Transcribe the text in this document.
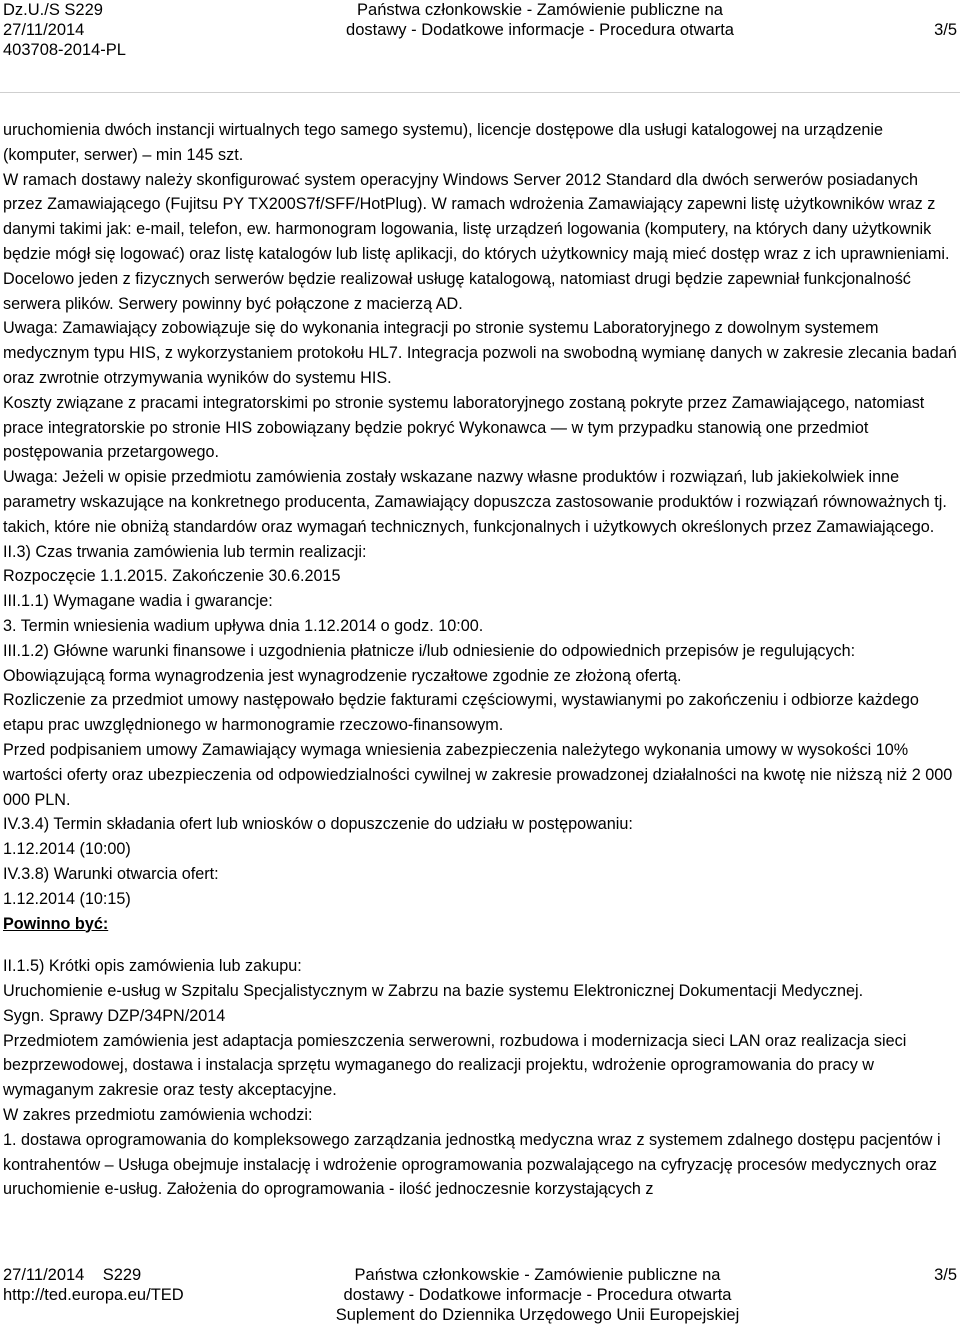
Dz.U./S S229
27/11/2014
403708-2014-PL
Państwa członkowskie - Zamówienie publiczne na
dostawy - Dodatkowe informacje - Procedura otwarta	3/5

uruchomienia dwóch instancji wirtualnych tego samego systemu), licencje dostępowe dla usługi katalogowej na urządzenie (komputer, serwer) – min 145 szt.

W ramach dostawy należy skonfigurować system operacyjny Windows Server 2012 Standard dla dwóch serwerów posiadanych przez Zamawiającego (Fujitsu PY TX200S7f/SFF/HotPlug). W ramach wdrożenia Zamawiający zapewni listę użytkowników wraz z danymi takimi jak: e-mail, telefon, ew. harmonogram logowania, listę urządzeń logowania (komputery, na których dany użytkownik będzie mógł się logować) oraz listę katalogów lub listę aplikacji, do których użytkownicy mają mieć dostęp wraz z ich uprawnieniami.

Docelowo jeden z fizycznych serwerów będzie realizował usługę katalogową, natomiast drugi będzie zapewniał funkcjonalność serwera plików. Serwery powinny być połączone z macierzą AD.

Uwaga: Zamawiający zobowiązuje się do wykonania integracji po stronie systemu Laboratoryjnego z dowolnym systemem medycznym typu HIS, z wykorzystaniem protokołu HL7. Integracja pozwoli na swobodną wymianę danych w zakresie zlecania badań oraz zwrotnie otrzymywania wyników do systemu HIS.

Koszty związane z pracami integratorskimi po stronie systemu laboratoryjnego zostaną pokryte przez Zamawiającego, natomiast prace integratorskie po stronie HIS zobowiązany będzie pokryć Wykonawca — w tym przypadku stanowią one przedmiot postępowania przetargowego.

Uwaga: Jeżeli w opisie przedmiotu zamówienia zostały wskazane nazwy własne produktów i rozwiązań, lub jakiekolwiek inne parametry wskazujące na konkretnego producenta, Zamawiający dopuszcza zastosowanie produktów i rozwiązań równoważnych tj. takich, które nie obniżą standardów oraz wymagań technicznych, funkcjonalnych i użytkowych określonych przez Zamawiającego.

II.3) Czas trwania zamówienia lub termin realizacji:

Rozpoczęcie 1.1.2015. Zakończenie 30.6.2015

III.1.1) Wymagane wadia i gwarancje:

3. Termin wniesienia wadium upływa dnia 1.12.2014 o godz. 10:00.

III.1.2) Główne warunki finansowe i uzgodnienia płatnicze i/lub odniesienie do odpowiednich przepisów je regulujących:

Obowiązującą forma wynagrodzenia jest wynagrodzenie ryczałtowe zgodnie ze złożoną ofertą.

Rozliczenie za przedmiot umowy następowało będzie fakturami częściowymi, wystawianymi po zakończeniu i odbiorze każdego etapu prac uwzględnionego w harmonogramie rzeczowo-finansowym.

Przed podpisaniem umowy Zamawiający wymaga wniesienia zabezpieczenia należytego wykonania umowy w wysokości 10% wartości oferty oraz ubezpieczenia od odpowiedzialności cywilnej w zakresie prowadzonej działalności na kwotę nie niższą niż 2 000 000 PLN.

IV.3.4) Termin składania ofert lub wniosków o dopuszczenie do udziału w postępowaniu:

1.12.2014 (10:00)

IV.3.8) Warunki otwarcia ofert:

1.12.2014 (10:15)

Powinno być:

II.1.5) Krótki opis zamówienia lub zakupu:

Uruchomienie e-usług w Szpitalu Specjalistycznym w Zabrzu na bazie systemu Elektronicznej Dokumentacji Medycznej.

Sygn. Sprawy DZP/34PN/2014

Przedmiotem zamówienia jest adaptacja pomieszczenia serwerowni, rozbudowa i modernizacja sieci LAN oraz realizacja sieci bezprzewodowej, dostawa i instalacja sprzętu wymaganego do realizacji projektu, wdrożenie oprogramowania do pracy w wymaganym zakresie oraz testy akceptacyjne.

W zakres przedmiotu zamówienia wchodzi:

1. dostawa oprogramowania do kompleksowego zarządzania jednostką medyczna wraz z systemem zdalnego dostępu pacjentów i kontrahentów – Usługa obejmuje instalację i wdrożenie oprogramowania pozwalającego na cyfryzację procesów medycznych oraz uruchomienie e-usług. Założenia do oprogramowania - ilość jednoczesnie korzystających z

27/11/2014    S229
http://ted.europa.eu/TED
Państwa członkowskie - Zamówienie publiczne na
dostawy - Dodatkowe informacje - Procedura otwarta
Suplement do Dziennika Urzędowego Unii Europejskiej
3/5
